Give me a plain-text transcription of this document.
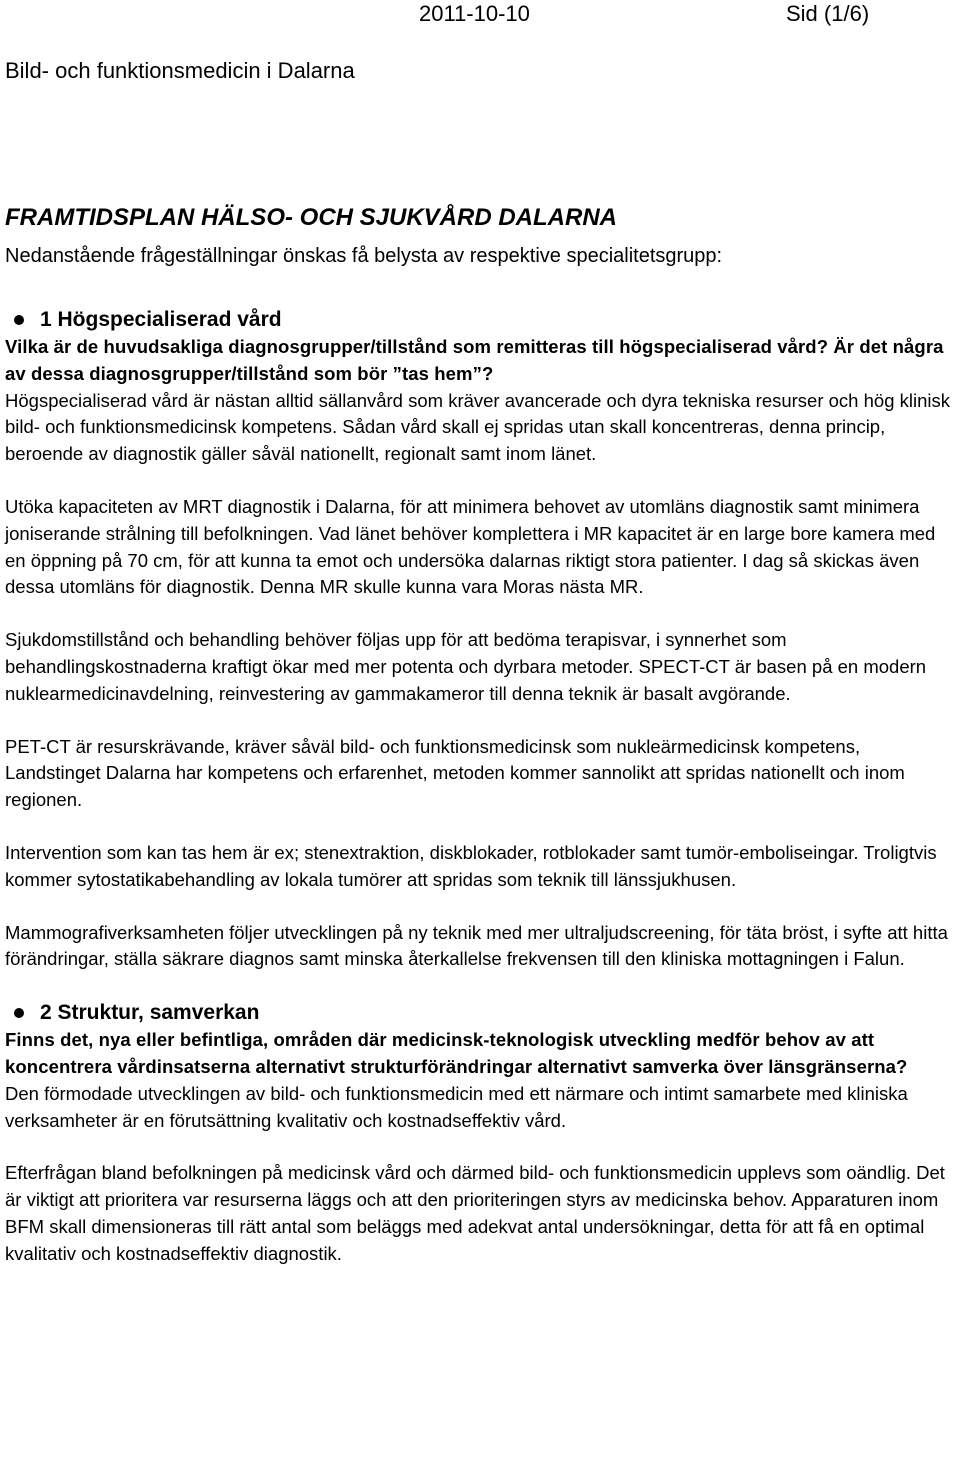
2011-10-10	Sid (1/6)
Bild- och funktionsmedicin i Dalarna
FRAMTIDSPLAN HÄLSO- OCH SJUKVÅRD DALARNA
Nedanstående frågeställningar önskas få belysta av respektive specialitetsgrupp:
1 Högspecialiserad vård

Vilka är de huvudsakliga diagnosgrupper/tillstånd som remitteras till högspecialiserad vård? Är det några av dessa diagnosgrupper/tillstånd som bör ”tas hem”?

Högspecialiserad vård är nästan alltid sällanvård som kräver avancerade och dyra tekniska resurser och hög klinisk bild- och funktionsmedicinsk kompetens. Sådan vård skall ej spridas utan skall koncentreras, denna princip, beroende av diagnostik gäller såväl nationellt, regionalt samt inom länet.

Utöka kapaciteten av MRT diagnostik i Dalarna, för att minimera behovet av utomläns diagnostik samt minimera joniserande strålning till befolkningen. Vad länet behöver komplettera i MR kapacitet är en large bore kamera med en öppning på 70 cm, för att kunna ta emot och undersöka dalarnas riktigt stora patienter. I dag så skickas även dessa utomläns för diagnostik. Denna MR skulle kunna vara Moras nästa MR.

Sjukdomstillstånd och behandling behöver följas upp för att bedöma terapisvar, i synnerhet som behandlingskostnaderna kraftigt ökar med mer potenta och dyrbara metoder. SPECT-CT är basen på en modern nuklearmedicinavdelning, reinvestering av gammakameror till denna teknik är basalt avgörande.

PET-CT är resurskrävande, kräver såväl bild- och funktionsmedicinsk som nukleärmedicinsk kompetens, Landstinget Dalarna har kompetens och erfarenhet, metoden kommer sannolikt att spridas nationellt och inom regionen.

Intervention som kan tas hem är ex; stenextraktion, diskblokader, rotblokader samt tumör-emboliseingar. Troligtvis kommer sytostatikabehandling av lokala tumörer att spridas som teknik till länssjukhusen.

Mammografiverksamheten följer utvecklingen på ny teknik med mer ultraljudscreening, för täta bröst, i syfte att hitta förändringar, ställa säkrare diagnos samt minska återkallelse frekvensen till den kliniska mottagningen i Falun.

2 Struktur, samverkan

Finns det, nya eller befintliga, områden där medicinsk-teknologisk utveckling medför behov av att koncentrera vårdinsatserna alternativt strukturförändringar alternativt samverka över länsgränserna?

Den förmodade utvecklingen av bild- och funktionsmedicin med ett närmare och intimt samarbete med kliniska verksamheter är en förutsättning kvalitativ och kostnadseffektiv vård.

Efterfrågan bland befolkningen på medicinsk vård och därmed bild- och funktionsmedicin upplevs som oändlig. Det är viktigt att prioritera var resurserna läggs och att den prioriteringen styrs av medicinska behov. Apparaturen inom BFM skall dimensioneras till rätt antal som beläggs med adekvat antal undersökningar, detta för att få en optimal kvalitativ och kostnadseffektiv diagnostik.
